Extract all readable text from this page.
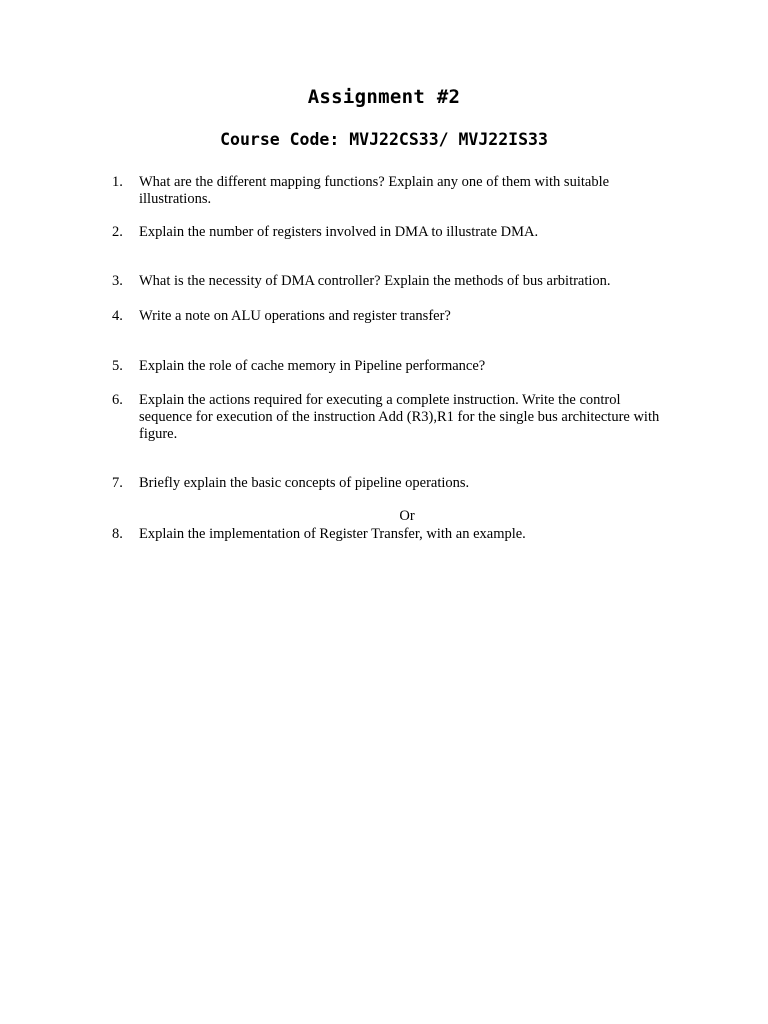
Assignment #2
Course Code: MVJ22CS33/ MVJ22IS33
1.	What are the different mapping functions? Explain any one of them with suitable illustrations.
2.	Explain the number of registers involved in DMA to illustrate DMA.
3.	What is the necessity of DMA controller? Explain the methods of bus arbitration.
4.	Write a note on ALU operations and register transfer?
5.	Explain the role of cache memory in Pipeline performance?
6.	Explain the actions required for executing a complete instruction. Write the control sequence for execution of the instruction Add (R3),R1 for the single bus architecture with figure.
7.	Briefly explain the basic concepts of pipeline operations.
Or
8.	Explain the implementation of Register Transfer, with an example.
